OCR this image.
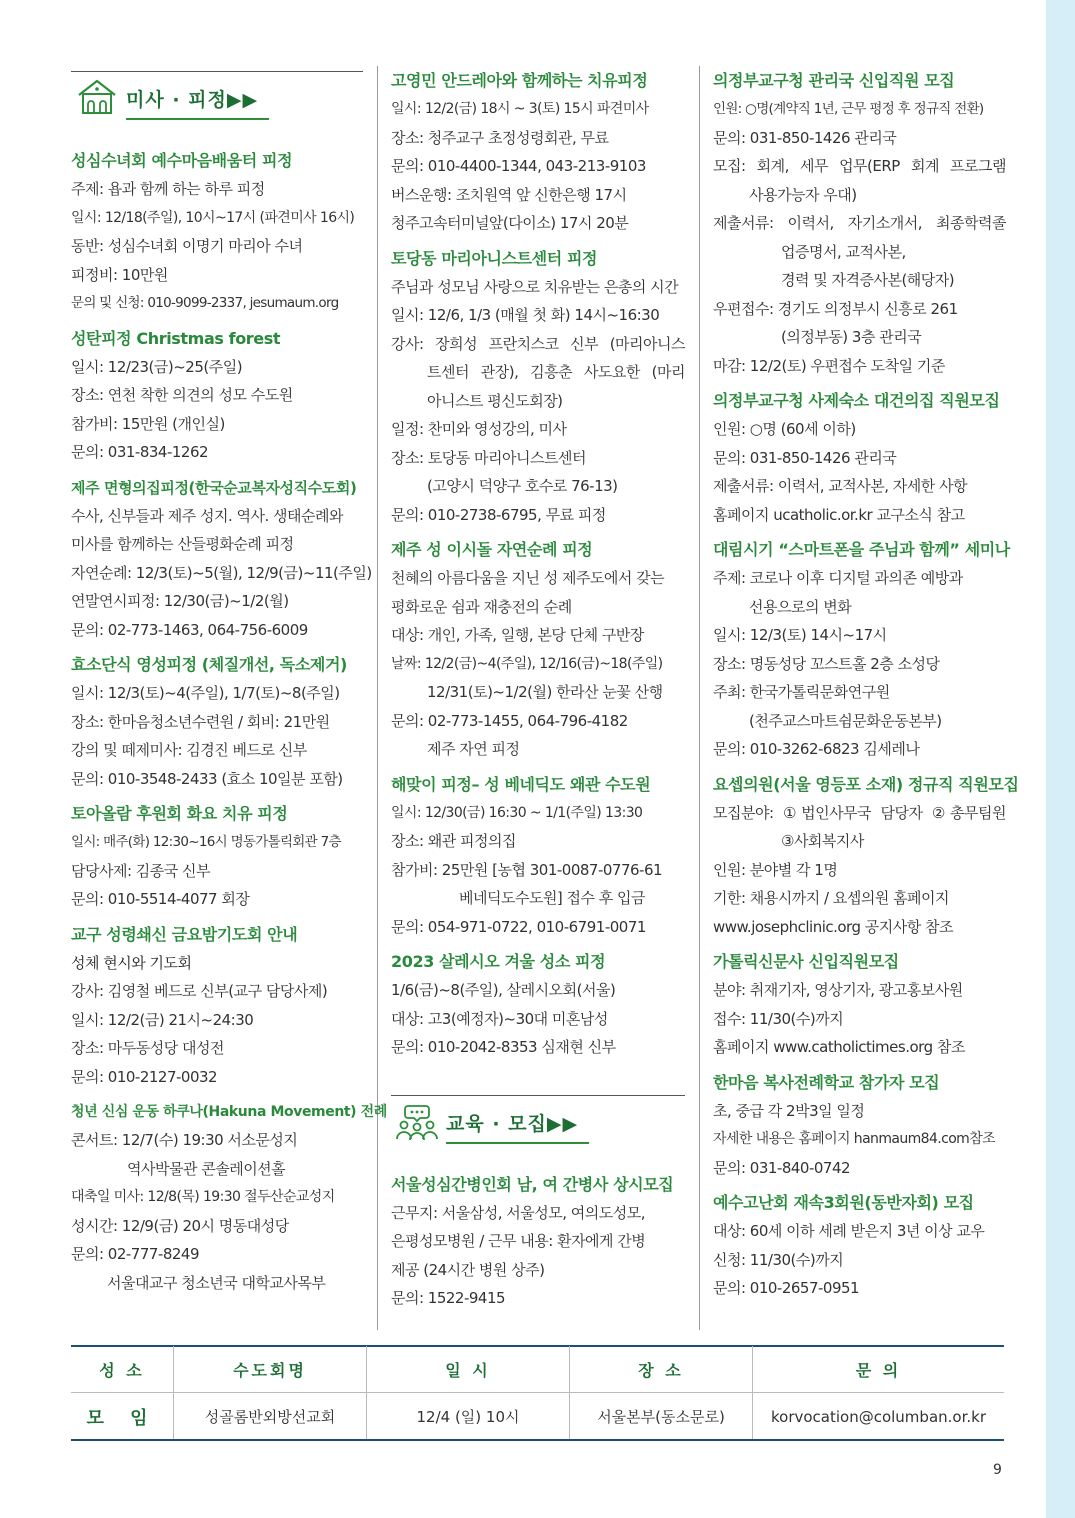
미사 · 피정▶▶
성심수녀회 예수마음배움터 피정
주제: 욥과 함께 하는 하루 피정
일시: 12/18(주일), 10시~17시 (파견미사 16시)
동반: 성심수녀회 이명기 마리아 수녀
피정비: 10만원
문의 및 신청: 010-9099-2337, jesumaum.org
성탄피정 Christmas forest
일시: 12/23(금)~25(주일)
장소: 연천 착한 의견의 성모 수도원
참가비: 15만원 (개인실)
문의: 031-834-1262
제주 면형의집피정(한국순교복자성직수도회)
수사, 신부들과 제주 성지. 역사. 생태순례와
미사를 함께하는 산들평화순례 피정
자연순례: 12/3(토)~5(월), 12/9(금)~11(주일)
연말연시피정: 12/30(금)~1/2(월)
문의: 02-773-1463, 064-756-6009
효소단식 영성피정 (체질개선, 독소제거)
일시: 12/3(토)~4(주일), 1/7(토)~8(주일)
장소: 한마음청소년수련원 / 회비: 21만원
강의 및 떼제미사: 김경진 베드로 신부
문의: 010-3548-2433 (효소 10일분 포함)
토아올람 후원회 화요 치유 피정
일시: 매주(화) 12:30~16시 명동가톨릭회관 7층
담당사제: 김종국 신부
문의: 010-5514-4077 회장
교구 성령쇄신 금요밤기도회 안내
성체 현시와 기도회
강사: 김영철 베드로 신부(교구 담당사제)
일시: 12/2(금) 21시~24:30
장소: 마두동성당 대성전
문의: 010-2127-0032
청년 신심 운동 하쿠나(Hakuna Movement) 전례
콘서트: 12/7(수) 19:30 서소문성지
역사박물관 콘솔레이션홀
대축일 미사: 12/8(목) 19:30 절두산순교성지
성시간: 12/9(금) 20시 명동대성당
문의: 02-777-8249
서울대교구 청소년국 대학교사목부
고영민 안드레아와 함께하는 치유피정
일시: 12/2(금) 18시 ~ 3(토) 15시 파견미사
장소: 청주교구 초정성령회관, 무료
문의: 010-4400-1344, 043-213-9103
버스운행: 조치원역 앞 신한은행 17시
청주고속터미널앞(다이소) 17시 20분
토당동 마리아니스트센터 피정
주님과 성모님 사랑으로 치유받는 은총의 시간
일시: 12/6, 1/3 (매월 첫 화) 14시~16:30
강사: 장희성 프란치스코 신부 (마리아니스
트센터 관장), 김흥춘 사도요한 (마리
아니스트 평신도회장)
일정: 찬미와 영성강의, 미사
장소: 토당동 마리아니스트센터
(고양시 덕양구 호수로 76-13)
문의: 010-2738-6795, 무료 피정
제주 성 이시돌 자연순례 피정
천혜의 아름다움을 지닌 성 제주도에서 갖는
평화로운 쉼과 재충전의 순례
대상: 개인, 가족, 일행, 본당 단체 구반장
날짜: 12/2(금)~4(주일), 12/16(금)~18(주일)
12/31(토)~1/2(월) 한라산 눈꽃 산행
문의: 02-773-1455, 064-796-4182
제주 자연 피정
해맞이 피정– 성 베네딕도 왜관 수도원
일시: 12/30(금) 16:30 ~ 1/1(주일) 13:30
장소: 왜관 피정의집
참가비: 25만원 [농협 301-0087-0776-61
베네딕도수도원] 접수 후 입금
문의: 054-971-0722, 010-6791-0071
2023 살레시오 겨울 성소 피정
1/6(금)~8(주일), 살레시오회(서울)
대상: 고3(예정자)~30대 미혼남성
문의: 010-2042-8353 심재현 신부
교육 · 모집▶▶
서울성심간병인회 남, 여 간병사 상시모집
근무지: 서울삼성, 서울성모, 여의도성모,
은평성모병원 / 근무 내용: 환자에게 간병
제공 (24시간 병원 상주)
문의: 1522-9415
의정부교구청 관리국 신입직원 모집
인원: ○명(계약직 1년, 근무 평정 후 정규직 전환)
문의: 031-850-1426 관리국
모집: 회계, 세무 업무(ERP 회계 프로그램
사용가능자 우대)
제출서류: 이력서, 자기소개서, 최종학력졸
업증명서, 교적사본,
경력 및 자격증사본(해당자)
우편접수: 경기도 의정부시 신흥로 261
(의정부동) 3층 관리국
마감: 12/2(토) 우편접수 도착일 기준
의정부교구청 사제숙소 대건의집 직원모집
인원: ○명 (60세 이하)
문의: 031-850-1426 관리국
제출서류: 이력서, 교적사본, 자세한 사항
홈페이지 ucatholic.or.kr 교구소식 참고
대림시기 “스마트폰을 주님과 함께” 세미나
주제: 코로나 이후 디지털 과의존 예방과
선용으로의 변화
일시: 12/3(토) 14시~17시
장소: 명동성당 꼬스트홀 2층 소성당
주최: 한국가톨릭문화연구원
(천주교스마트쉼문화운동본부)
문의: 010-3262-6823 김세레나
요셉의원(서울 영등포 소재) 정규직 직원모집
모집분야: ①법인사무국 담당자 ②총무팀원
③사회복지사
인원: 분야별 각 1명
기한: 채용시까지 / 요셉의원 홈페이지
www.josephclinic.org 공지사항 참조
가톨릭신문사 신입직원모집
분야: 취재기자, 영상기자, 광고홍보사원
접수: 11/30(수)까지
홈페이지 www.catholictimes.org 참조
한마음 복사전례학교 참가자 모집
초, 중급 각 2박3일 일정
자세한 내용은 홈페이지 hanmaum84.com참조
문의: 031-840-0742
예수고난회 재속3회원(동반자회) 모집
대상: 60세 이하 세례 받은지 3년 이상 교우
신청: 11/30(수)까지
문의: 010-2657-0951
성 소	수도회명	일 시	장 소	문 의
모 임	성골롬반외방선교회	12/4 (일) 10시	서울본부(동소문로)	korvocation@columban.or.kr
9
